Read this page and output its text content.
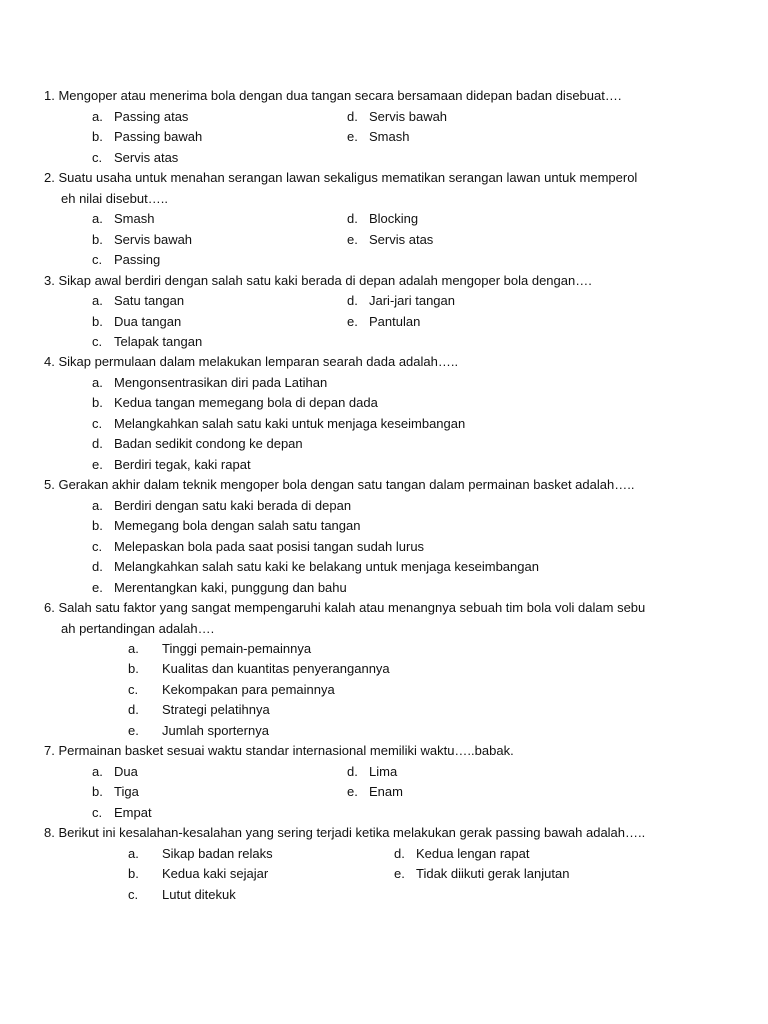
1. Mengoper atau menerima bola dengan dua tangan secara bersamaan didepan badan disebuat….
a. Passing atas
b. Passing bawah
c. Servis atas
d. Servis bawah
e. Smash
2. Suatu usaha untuk menahan serangan lawan sekaligus mematikan serangan lawan untuk memperol
eh nilai disebut…..
a. Smash
b. Servis bawah
c. Passing
d. Blocking
e. Servis atas
3. Sikap awal berdiri dengan salah satu kaki berada di depan adalah mengoper bola dengan….
a. Satu tangan
b. Dua tangan
c. Telapak tangan
d. Jari-jari tangan
e. Pantulan
4. Sikap permulaan dalam melakukan lemparan searah dada adalah…..
a. Mengonsentrasikan diri pada Latihan
b. Kedua tangan memegang bola di depan dada
c. Melangkahkan salah satu kaki untuk menjaga keseimbangan
d. Badan sedikit condong ke depan
e. Berdiri tegak, kaki rapat
5. Gerakan akhir dalam teknik mengoper bola dengan satu tangan dalam permainan basket adalah…..
a. Berdiri dengan satu kaki berada di depan
b. Memegang bola dengan salah satu tangan
c. Melepaskan bola pada saat posisi tangan sudah lurus
d. Melangkahkan salah satu kaki ke belakang untuk menjaga keseimbangan
e. Merentangkan kaki, punggung dan bahu
6. Salah satu faktor yang sangat mempengaruhi kalah atau menangnya sebuah tim bola voli dalam sebu
ah pertandingan adalah….
a. Tinggi pemain-pemainnya
b. Kualitas dan kuantitas penyerangannya
c. Kekompakan para pemainnya
d. Strategi pelatihnya
e. Jumlah sporternya
7. Permainan basket sesuai waktu standar internasional memiliki waktu…..babak.
a. Dua
b. Tiga
c. Empat
d. Lima
e. Enam
8. Berikut ini kesalahan-kesalahan yang sering terjadi ketika melakukan gerak passing bawah adalah…..
a. Sikap badan relaks
b. Kedua kaki sejajar
c. Lutut ditekuk
d. Kedua lengan rapat
e. Tidak diikuti gerak lanjutan
